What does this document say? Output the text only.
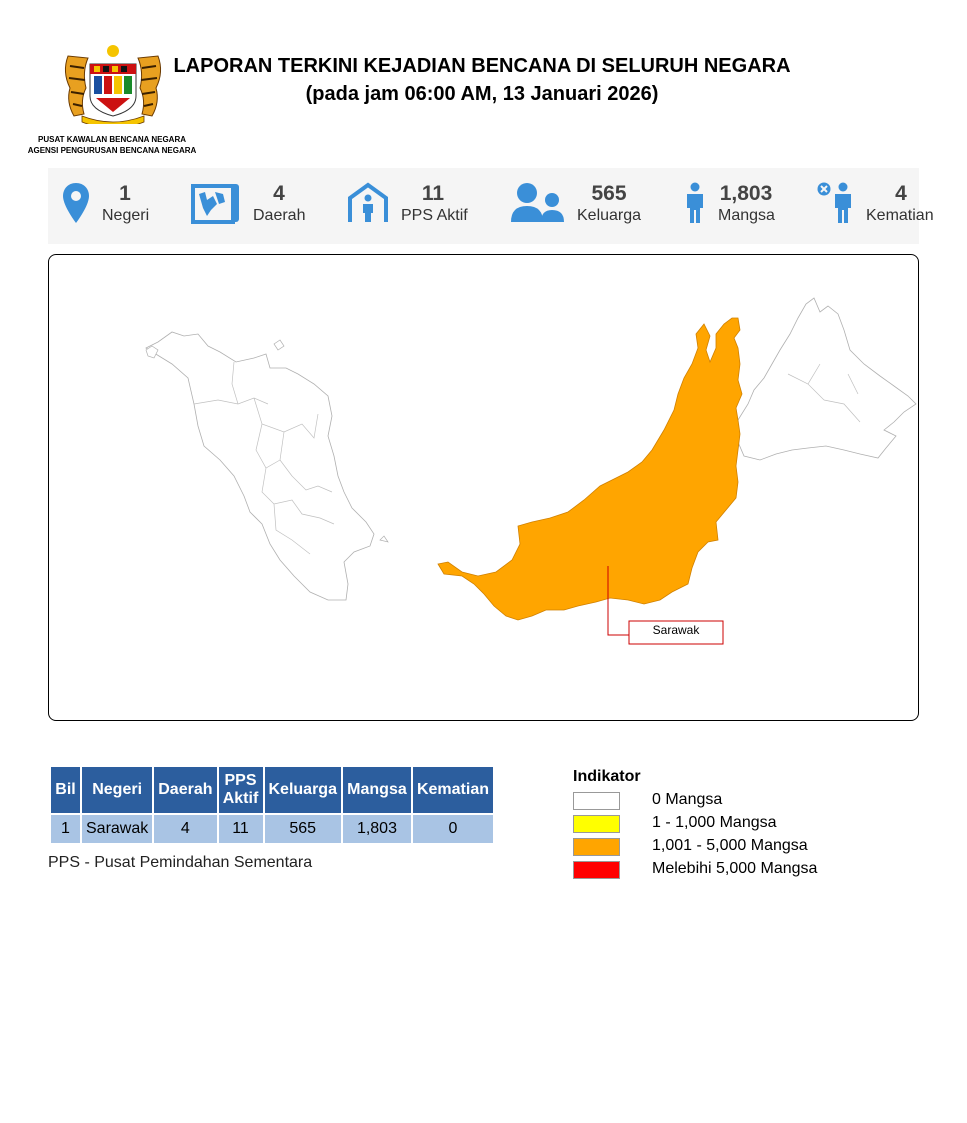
LAPORAN TERKINI KEJADIAN BENCANA DI SELURUH NEGARA
(pada jam 06:00 AM, 13 Januari 2026)
PUSAT KAWALAN BENCANA NEGARA
AGENSI PENGURUSAN BENCANA NEGARA
1
Negeri
4
Daerah
11
PPS Aktif
565
Keluarga
1,803
Mangsa
4
Kematian
Sarawak
Bil	Negeri	Daerah	PPS Aktif	Keluarga	Mangsa	Kematian
1	Sarawak	4	11	565	1,803	0
PPS - Pusat Pemindahan Sementara
Indikator
0 Mangsa
1 - 1,000 Mangsa
1,001 - 5,000 Mangsa
Melebihi 5,000 Mangsa
